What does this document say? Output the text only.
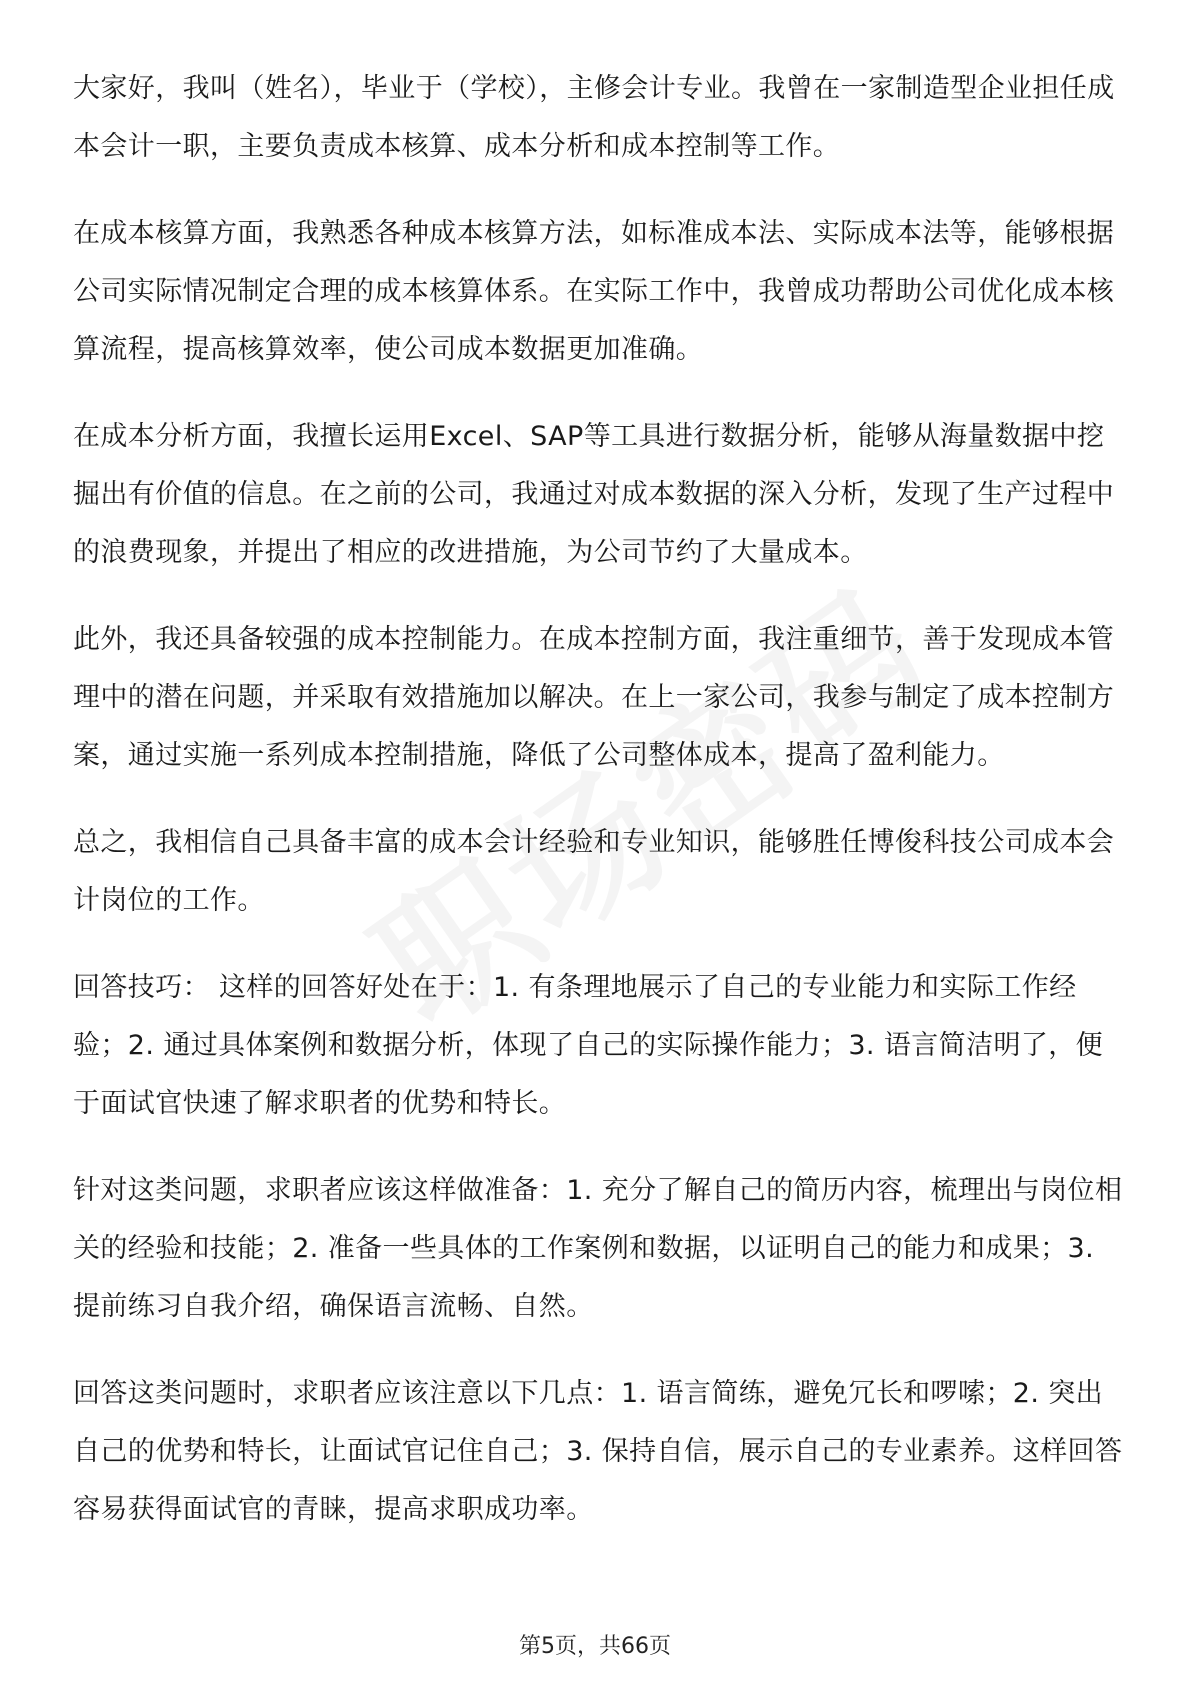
大家好，我叫（姓名），毕业于（学校），主修会计专业。我曾在一家制造型企业担任成本会计一职，主要负责成本核算、成本分析和成本控制等工作。

在成本核算方面，我熟悉各种成本核算方法，如标准成本法、实际成本法等，能够根据公司实际情况制定合理的成本核算体系。在实际工作中，我曾成功帮助公司优化成本核算流程，提高核算效率，使公司成本数据更加准确。

在成本分析方面，我擅长运用Excel、SAP等工具进行数据分析，能够从海量数据中挖掘出有价值的信息。在之前的公司，我通过对成本数据的深入分析，发现了生产过程中的浪费现象，并提出了相应的改进措施，为公司节约了大量成本。

此外，我还具备较强的成本控制能力。在成本控制方面，我注重细节，善于发现成本管理中的潜在问题，并采取有效措施加以解决。在上一家公司，我参与制定了成本控制方案，通过实施一系列成本控制措施，降低了公司整体成本，提高了盈利能力。

总之，我相信自己具备丰富的成本会计经验和专业知识，能够胜任博俊科技公司成本会计岗位的工作。

回答技巧： 这样的回答好处在于：1. 有条理地展示了自己的专业能力和实际工作经验；2. 通过具体案例和数据分析，体现了自己的实际操作能力；3. 语言简洁明了，便于面试官快速了解求职者的优势和特长。

针对这类问题，求职者应该这样做准备：1. 充分了解自己的简历内容，梳理出与岗位相关的经验和技能；2. 准备一些具体的工作案例和数据，以证明自己的能力和成果；3. 提前练习自我介绍，确保语言流畅、自然。

回答这类问题时，求职者应该注意以下几点：1. 语言简练，避免冗长和啰嗦；2. 突出自己的优势和特长，让面试官记住自己；3. 保持自信，展示自己的专业素养。这样回答容易获得面试官的青睐，提高求职成功率。

第5页，共66页
